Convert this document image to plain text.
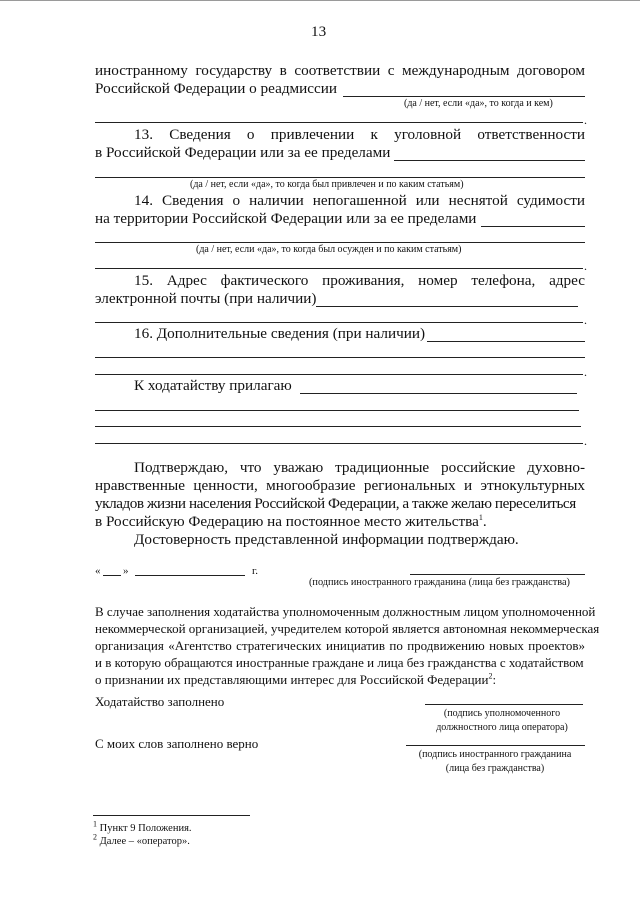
13
иностранному государству в соответствии с международным договором
Российской Федерации о реадмиссии
(да / нет, если «да», то когда и кем)
.
13. Сведения о привлечении к уголовной ответственности
в Российской Федерации или за ее пределами
(да / нет, если «да», то когда был привлечен и по каким статьям)
14. Сведения о наличии непогашенной или неснятой судимости
на территории Российской Федерации или за ее пределами
(да / нет, если «да», то когда был осужден и по каким статьям)
.
15. Адрес фактического проживания, номер телефона, адрес
электронной почты (при наличии)
.
16. Дополнительные сведения (при наличии)
.
К ходатайству прилагаю
.
Подтверждаю, что уважаю традиционные российские духовно-
нравственные ценности, многообразие региональных и этнокультурных
укладов жизни населения Российской Федерации, а также желаю переселиться
в Российскую Федерацию на постоянное место жительства$^1$.
Достоверность представленной информации подтверждаю.
« »	г.
(подпись иностранного гражданина (лица без гражданства)
В случае заполнения ходатайства уполномоченным должностным лицом уполномоченной
некоммерческой организацией, учредителем которой является автономная некоммерческая
организация «Агентство стратегических инициатив по продвижению новых проектов»
и в которую обращаются иностранные граждане и лица без гражданства с ходатайством
о признании их представляющими интерес для Российской Федерации$^2$:
Ходатайство заполнено
(подпись уполномоченного
должностного лица оператора)
С моих слов заполнено верно
(подпись иностранного гражданина
(лица без гражданства)
$^1$ Пункт 9 Положения.
$^2$ Далее – «оператор».
